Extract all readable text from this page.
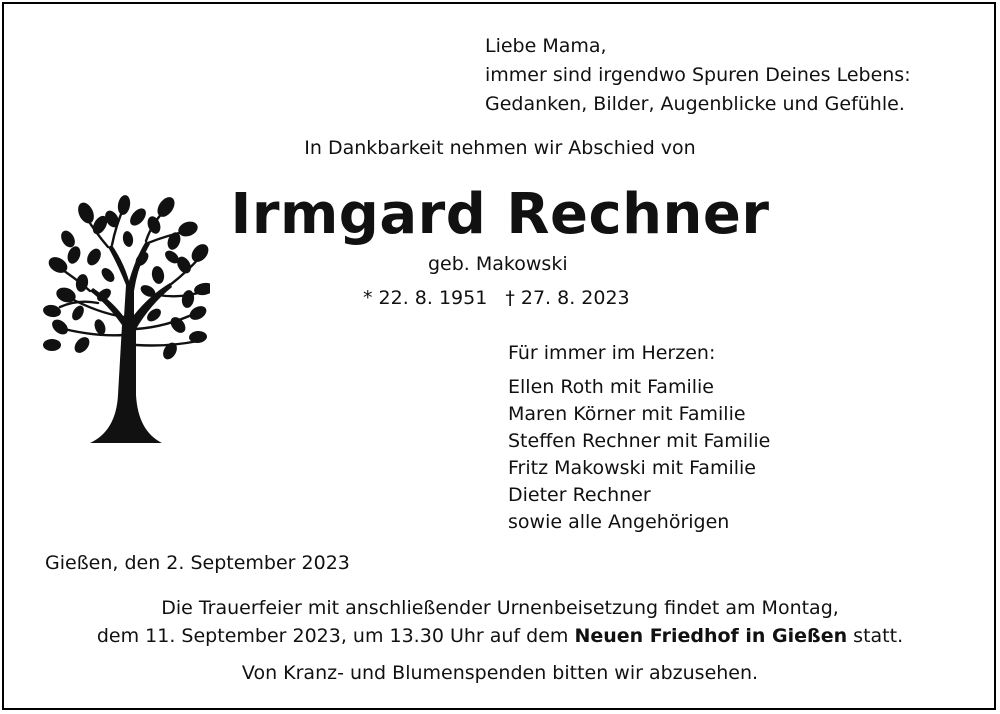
Liebe Mama,
immer sind irgendwo Spuren Deines Lebens:
Gedanken, Bilder, Augenblicke und Gefühle.
In Dankbarkeit nehmen wir Abschied von
Irmgard Rechner
geb. Makowski
* 22. 8. 1951 † 27. 8. 2023
Für immer im Herzen:
Ellen Roth mit Familie
Maren Körner mit Familie
Steffen Rechner mit Familie
Fritz Makowski mit Familie
Dieter Rechner
sowie alle Angehörigen
Gießen, den 2. September 2023
Die Trauerfeier mit anschließender Urnenbeisetzung findet am Montag,
dem 11. September 2023, um 13.30 Uhr auf dem Neuen Friedhof in Gießen statt.
Von Kranz- und Blumenspenden bitten wir abzusehen.
